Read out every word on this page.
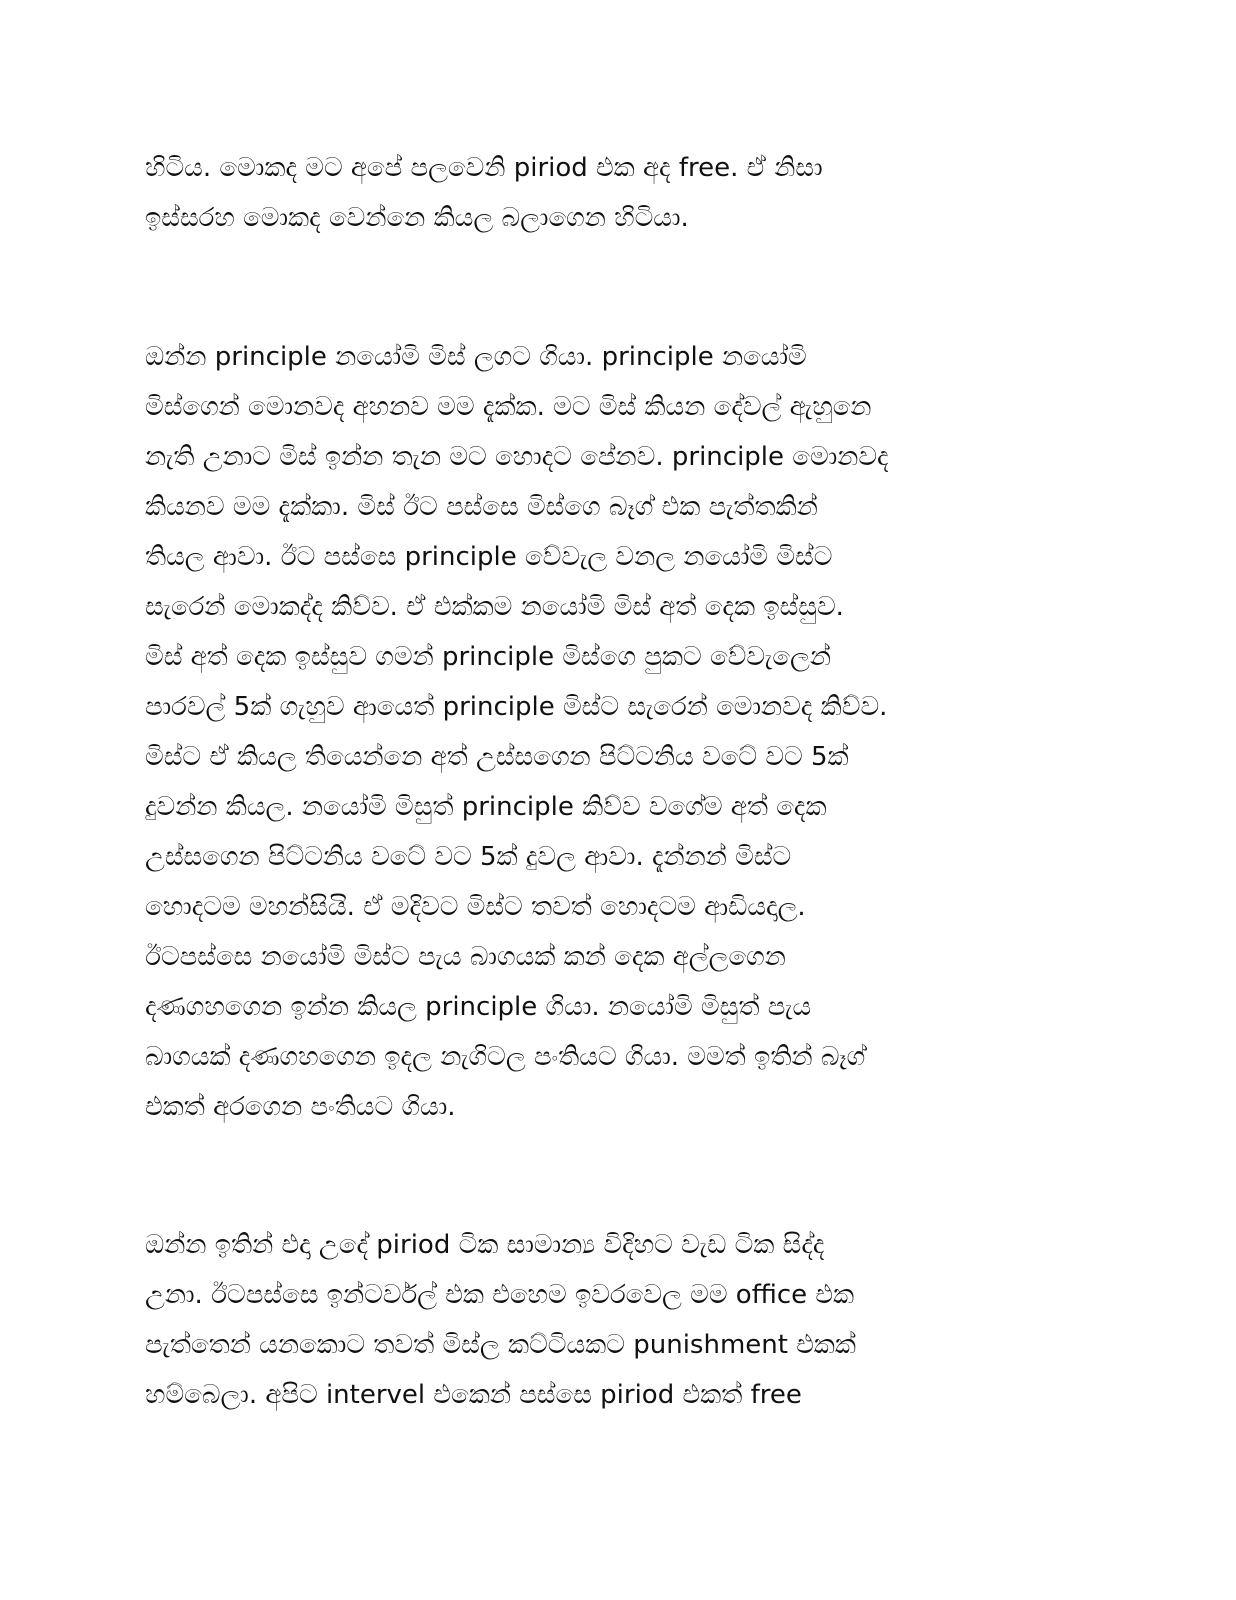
හිටිය. මොකද මට අපේ පලවෙනි piriod එක අද free. ඒ නිසා
ඉස්සරහ මොකද වෙන්නෙ කියල බලාගෙන හිටියා.
ඔන්න principle නයෝමි මිස් ලගට ගියා. principle නයෝමි
මිස්ගෙන් මොනවද අහනව මම දැක්ක. මට මිස් කියන දේවල් ඇහුනෙ
නැති උනාට මිස් ඉන්න තැන මට හොදට පේනව. principle මොනවද
කියනව මම දැක්කා. මිස් ඊට පස්සෙ මිස්ගෙ බෑග් එක පැත්තකින්
තියල ආවා. ඊට පස්සෙ principle වේවැල වනල නයෝමි මිස්ට
සැරෙන් මොකද්ද කිව්ව. ඒ එක්කම නයෝමි මිස් අත් දෙක ඉස්සුව.
මිස් අත් දෙක ඉස්සුව ගමන් principle මිස්ගෙ පුකට වේවැලෙන්
පාරවල් 5ක් ගැහුව ආයෙත් principle මිස්ට සැරෙන් මොනවද කිව්ව.
මිස්ට ඒ කියල තියෙන්නෙ අත් උස්සගෙන පිට්ටනිය වටේ වට 5ක්
දුවන්න කියල. නයෝමි මිසුත් principle කිව්ව වගේම අත් දෙක
උස්සගෙන පිට්ටනිය වටේ වට 5ක් දුවල ආවා. දැන්නන් මිස්ට
හොදටම මහන්සියි. ඒ මදිවට මිස්ට තවත් හොදටම ආඩියදාල.
ඊටපස්සෙ නයෝමි මිස්ට පැය බාගයක් කන් දෙක අල්ලගෙන
දණගහගෙන ඉන්න කියල principle ගියා. නයෝමි මිසුත් පැය
බාගයක් දණගහගෙන ඉදල නැගිටල පංතියට ගියා. මමත් ඉතින් බෑග්
එකත් අරගෙන පංතියට ගියා.
ඔන්න ඉතින් එදා උදේ piriod ටික සාමාන්‍ය විදිහට වැඩ ටික සිද්ද
උනා. ඊටපස්සෙ ඉන්ටර්වල් එක එහෙම ඉවරවෙල මම office එක
පැත්තෙන් යනකොට තවත් මිස්ල කට්ටියකට punishment එකක්
හම්බෙලා. අපිට intervel එකෙන් පස්සෙ piriod එකත් free
